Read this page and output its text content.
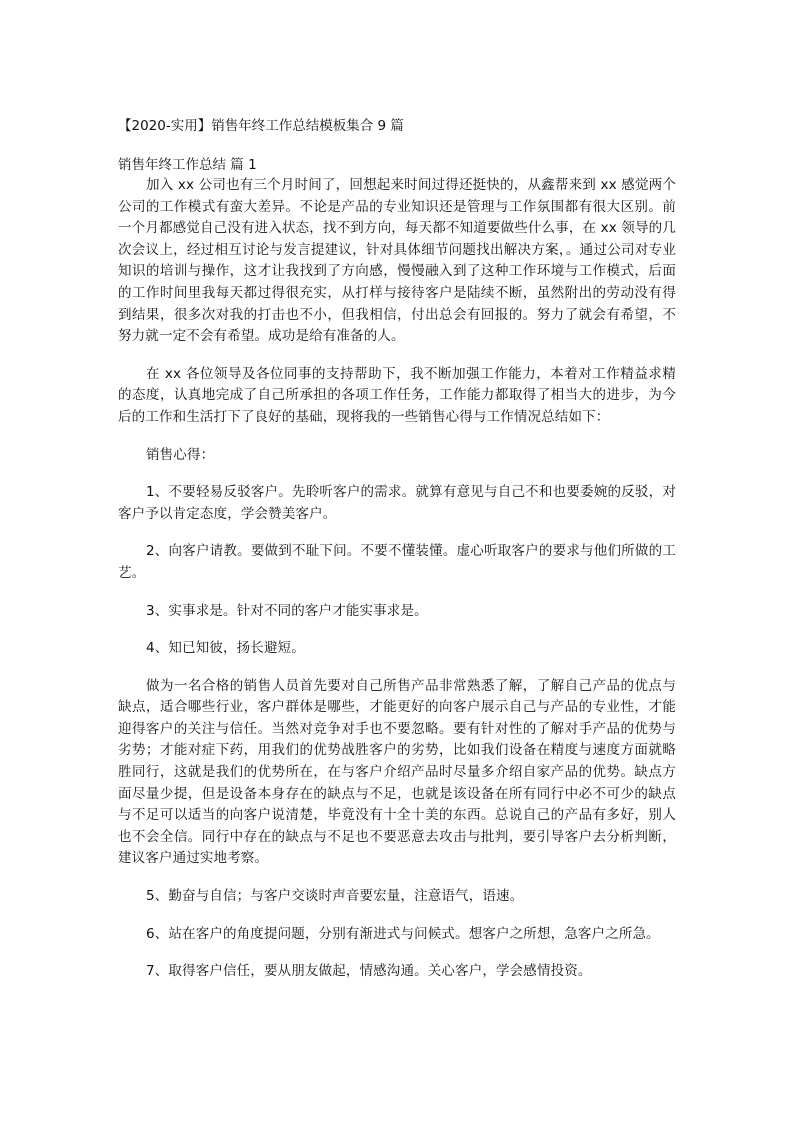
【2020-实用】销售年终工作总结模板集合 9 篇

销售年终工作总结 篇 1

加入 xx 公司也有三个月时间了，回想起来时间过得还挺快的，从鑫帮来到 xx 感觉两个公司的工作模式有蛮大差异。不论是产品的专业知识还是管理与工作氛围都有很大区别。前一个月都感觉自己没有进入状态，找不到方向，每天都不知道要做些什么事，在 xx 领导的几次会议上，经过相互讨论与发言提建议，针对具体细节问题找出解决方案，。通过公司对专业知识的培训与操作，这才让我找到了方向感，慢慢融入到了这种工作环境与工作模式，后面的工作时间里我每天都过得很充实，从打样与接待客户是陆续不断，虽然附出的劳动没有得到结果，很多次对我的打击也不小，但我相信，付出总会有回报的。努力了就会有希望，不努力就一定不会有希望。成功是给有准备的人。

在 xx 各位领导及各位同事的支持帮助下，我不断加强工作能力，本着对工作精益求精的态度，认真地完成了自己所承担的各项工作任务，工作能力都取得了相当大的进步，为今后的工作和生活打下了良好的基础，现将我的一些销售心得与工作情况总结如下：

销售心得：

1、不要轻易反驳客户。先聆听客户的需求。就算有意见与自己不和也要委婉的反驳，对客户予以肯定态度，学会赞美客户。

2、向客户请教。要做到不耻下问。不要不懂装懂。虚心听取客户的要求与他们所做的工艺。

3、实事求是。针对不同的客户才能实事求是。

4、知已知彼，扬长避短。

做为一名合格的销售人员首先要对自己所售产品非常熟悉了解，了解自己产品的优点与缺点，适合哪些行业，客户群体是哪些，才能更好的向客户展示自己与产品的专业性，才能迎得客户的关注与信任。当然对竞争对手也不要忽略。要有针对性的了解对手产品的优势与劣势；才能对症下药，用我们的优势战胜客户的劣势，比如我们设备在精度与速度方面就略胜同行，这就是我们的优势所在，在与客户介绍产品时尽量多介绍自家产品的优势。缺点方面尽量少提，但是设备本身存在的缺点与不足，也就是该设备在所有同行中必不可少的缺点与不足可以适当的向客户说清楚，毕竟没有十全十美的东西。总说自己的产品有多好，别人也不会全信。同行中存在的缺点与不足也不要恶意去攻击与批判，要引导客户去分析判断，建议客户通过实地考察。

5、勤奋与自信；与客户交谈时声音要宏量，注意语气，语速。

6、站在客户的角度提问题，分别有渐进式与问候式。想客户之所想，急客户之所急。

7、取得客户信任，要从朋友做起，情感沟通。关心客户，学会感情投资。
